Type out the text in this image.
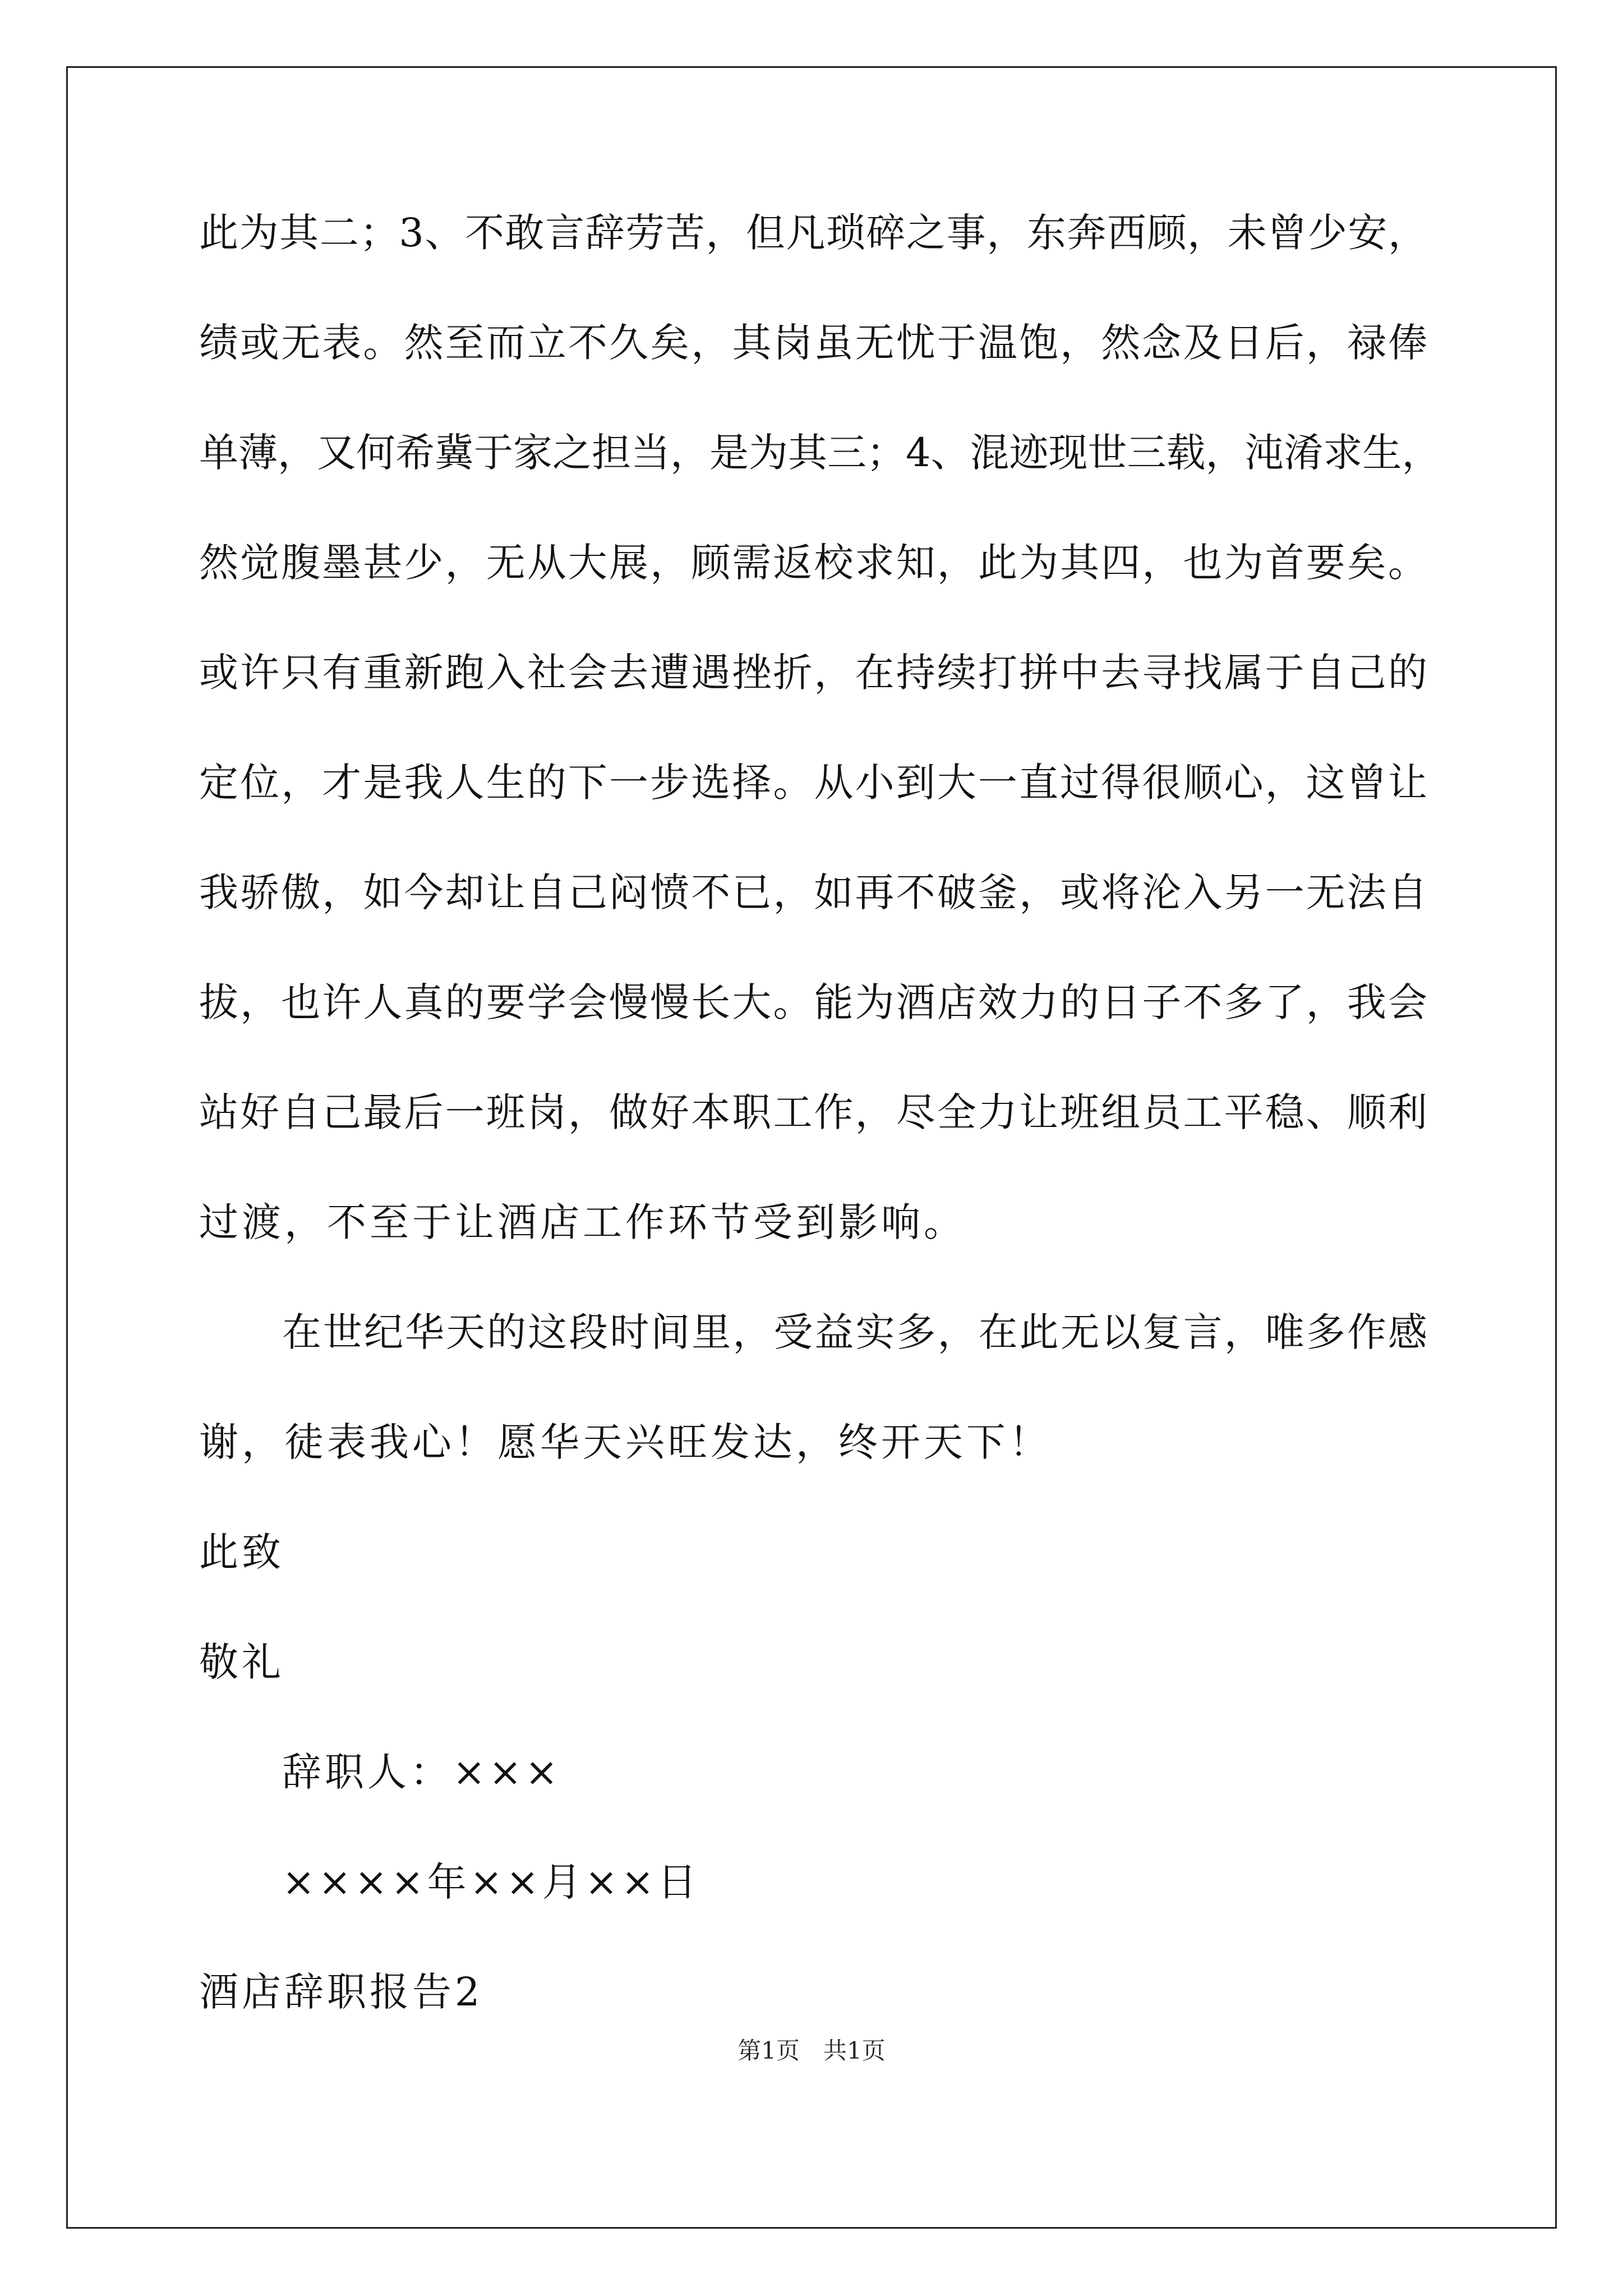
此为其二；3、不敢言辞劳苦，但凡琐碎之事，东奔西顾，未曾少安，
绩或无表。然至而立不久矣，其岗虽无忧于温饱，然念及日后，禄俸
单薄，又何希冀于家之担当，是为其三；4、混迹现世三载，沌淆求生，
然觉腹墨甚少，无从大展，顾需返校求知，此为其四，也为首要矣。
或许只有重新跑入社会去遭遇挫折，在持续打拼中去寻找属于自己的
定位，才是我人生的下一步选择。从小到大一直过得很顺心，这曾让
我骄傲，如今却让自己闷愤不已，如再不破釜，或将沦入另一无法自
拔，也许人真的要学会慢慢长大。能为酒店效力的日子不多了，我会
站好自己最后一班岗，做好本职工作，尽全力让班组员工平稳、顺利
过渡，不至于让酒店工作环节受到影响。
在世纪华天的这段时间里，受益实多，在此无以复言，唯多作感
谢，徒表我心！愿华天兴旺发达，终开天下！
此致
敬礼
辞职人：×××
××××年××月××日
酒店辞职报告2
第1页　共1页
